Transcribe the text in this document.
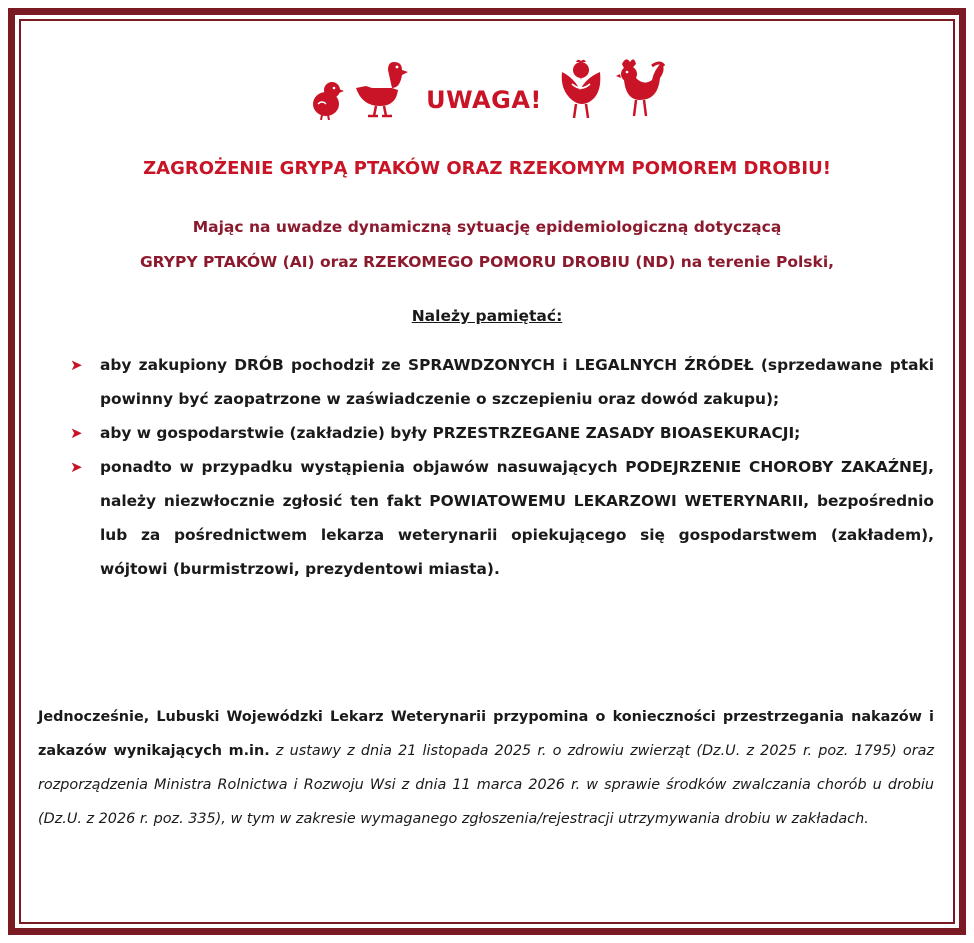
UWAGA!
ZAGROŻENIE GRYPĄ PTAKÓW ORAZ RZEKOMYM POMOREM DROBIU!
Mając na uwadze dynamiczną sytuację epidemiologiczną dotyczącą
GRYPY PTAKÓW (AI) oraz RZEKOMEGO POMORU DROBIU (ND) na terenie Polski,
Należy pamiętać:
➤ aby zakupiony DRÓB pochodził ze SPRAWDZONYCH i LEGALNYCH ŹRÓDEŁ (sprzedawane ptaki powinny być zaopatrzone w zaświadczenie o szczepieniu oraz dowód zakupu);
➤ aby w gospodarstwie (zakładzie) były PRZESTRZEGANE ZASADY BIOASEKURACJI;
➤ ponadto w przypadku wystąpienia objawów nasuwających PODEJRZENIE CHOROBY ZAKAŹNEJ, należy niezwłocznie zgłosić ten fakt POWIATOWEMU LEKARZOWI WETERYNARII, bezpośrednio lub za pośrednictwem lekarza weterynarii opiekującego się gospodarstwem (zakładem), wójtowi (burmistrzowi, prezydentowi miasta).
Jednocześnie, Lubuski Wojewódzki Lekarz Weterynarii przypomina o konieczności przestrzegania nakazów i zakazów wynikających m.in. z ustawy z dnia 21 listopada 2025 r. o zdrowiu zwierząt (Dz.U. z 2025 r. poz. 1795) oraz rozporządzenia Ministra Rolnictwa i Rozwoju Wsi z dnia 11 marca 2026 r. w sprawie środków zwalczania chorób u drobiu (Dz.U. z 2026 r. poz. 335), w tym w zakresie wymaganego zgłoszenia/rejestracji utrzymywania drobiu w zakładach.
